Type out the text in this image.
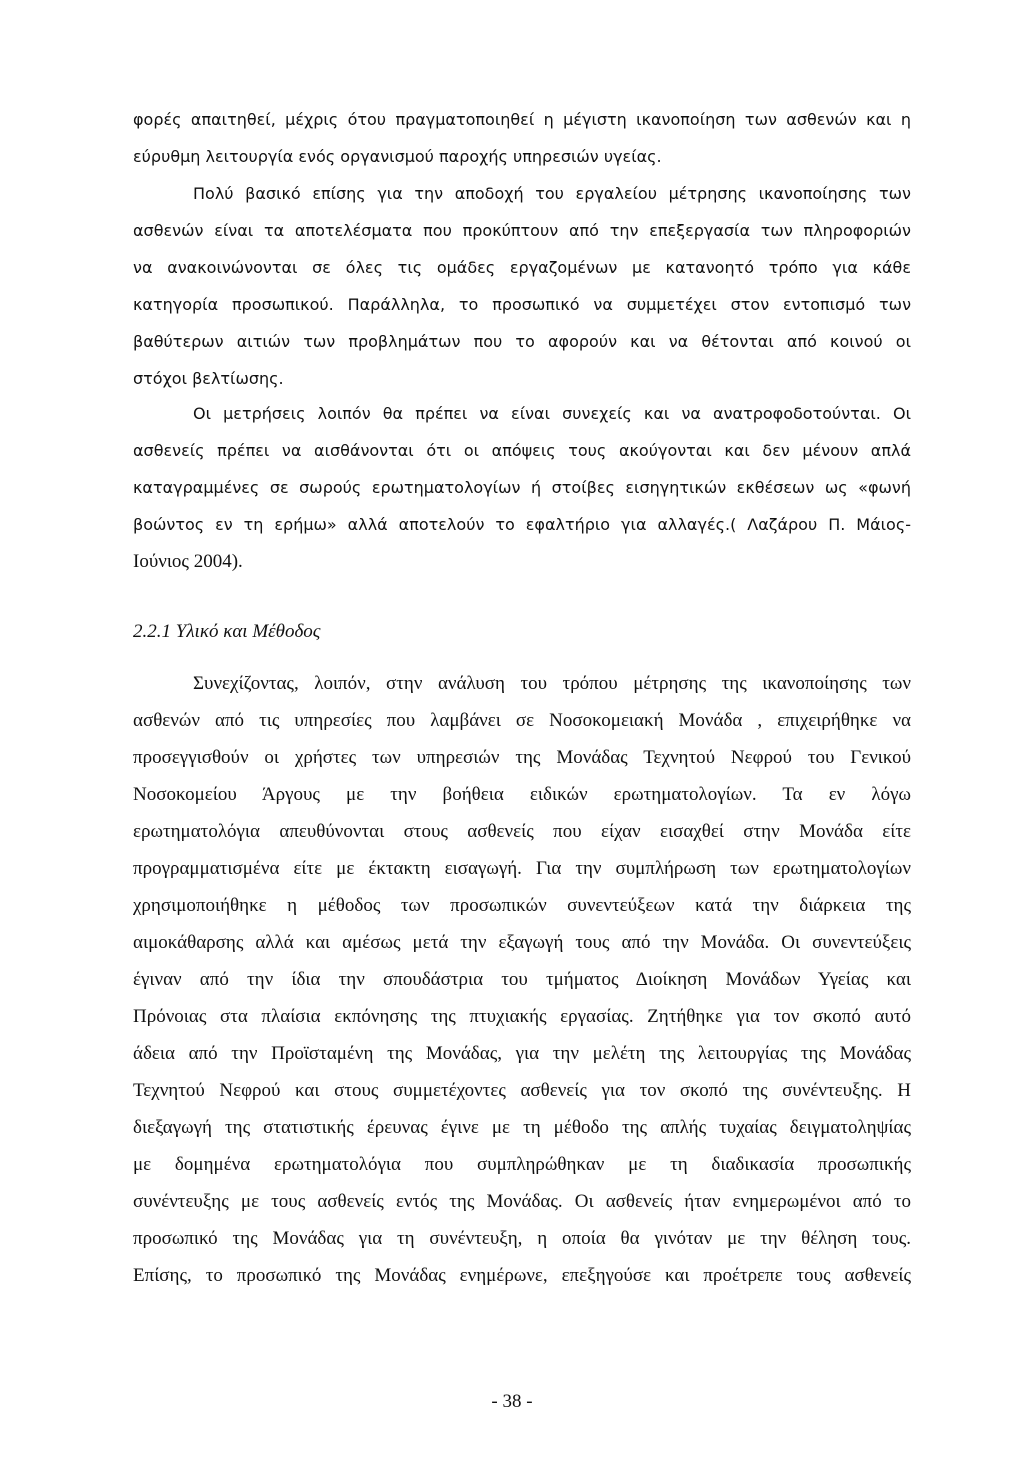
φορές απαιτηθεί, μέχρις ότου πραγματοποιηθεί η μέγιστη ικανοποίηση των ασθενών και η
εύρυθμη λειτουργία ενός οργανισμού παροχής υπηρεσιών υγείας.
Πολύ βασικό επίσης για την αποδοχή του εργαλείου μέτρησης ικανοποίησης των
ασθενών είναι τα αποτελέσματα που προκύπτουν από την επεξεργασία των πληροφοριών
να ανακοινώνονται σε όλες τις ομάδες εργαζομένων με κατανοητό τρόπο για κάθε
κατηγορία προσωπικού. Παράλληλα, το προσωπικό να συμμετέχει στον εντοπισμό των
βαθύτερων αιτιών των προβλημάτων που το αφορούν και να θέτονται από κοινού οι
στόχοι βελτίωσης.
Οι μετρήσεις λοιπόν θα πρέπει να είναι συνεχείς και να ανατροφοδοτούνται. Οι
ασθενείς πρέπει να αισθάνονται ότι οι απόψεις τους ακούγονται και δεν μένουν απλά
καταγραμμένες σε σωρούς ερωτηματολογίων ή στοίβες εισηγητικών εκθέσεων ως «φωνή
βοώντος εν τη ερήμω» αλλά αποτελούν το εφαλτήριο για αλλαγές.( Λαζάρου Π. Μάιος-
Ιούνιος 2004).
2.2.1 Υλικό και Μέθοδος
Συνεχίζοντας, λοιπόν, στην ανάλυση του τρόπου μέτρησης της ικανοποίησης των
ασθενών από τις υπηρεσίες που λαμβάνει σε Νοσοκομειακή Μονάδα , επιχειρήθηκε να
προσεγγισθούν οι χρήστες των υπηρεσιών της Μονάδας Τεχνητού Νεφρού του Γενικού
Νοσοκομείου Άργους με την βοήθεια ειδικών ερωτηματολογίων. Τα εν λόγω
ερωτηματολόγια απευθύνονται στους ασθενείς που είχαν εισαχθεί στην Μονάδα είτε
προγραμματισμένα είτε με έκτακτη εισαγωγή. Για την συμπλήρωση των ερωτηματολογίων
χρησιμοποιήθηκε η μέθοδος των προσωπικών συνεντεύξεων κατά την διάρκεια της
αιμοκάθαρσης αλλά και αμέσως μετά την εξαγωγή τους από την Μονάδα. Οι συνεντεύξεις
έγιναν από την ίδια την σπουδάστρια του τμήματος Διοίκηση Μονάδων Υγείας και
Πρόνοιας στα πλαίσια εκπόνησης της πτυχιακής εργασίας. Ζητήθηκε για τον σκοπό αυτό
άδεια από την Προϊσταμένη της Μονάδας, για την μελέτη της λειτουργίας της Μονάδας
Τεχνητού Νεφρού και στους συμμετέχοντες ασθενείς για τον σκοπό της συνέντευξης. Η
διεξαγωγή της στατιστικής έρευνας έγινε με τη μέθοδο της απλής τυχαίας δειγματοληψίας
με δομημένα ερωτηματολόγια που συμπληρώθηκαν με τη διαδικασία προσωπικής
συνέντευξης με τους ασθενείς εντός της Μονάδας. Οι ασθενείς ήταν ενημερωμένοι από το
προσωπικό της Μονάδας για τη συνέντευξη, η οποία θα γινόταν με την θέληση τους.
Επίσης, το προσωπικό της Μονάδας ενημέρωνε, επεξηγούσε και προέτρεπε τους ασθενείς
- 38 -
